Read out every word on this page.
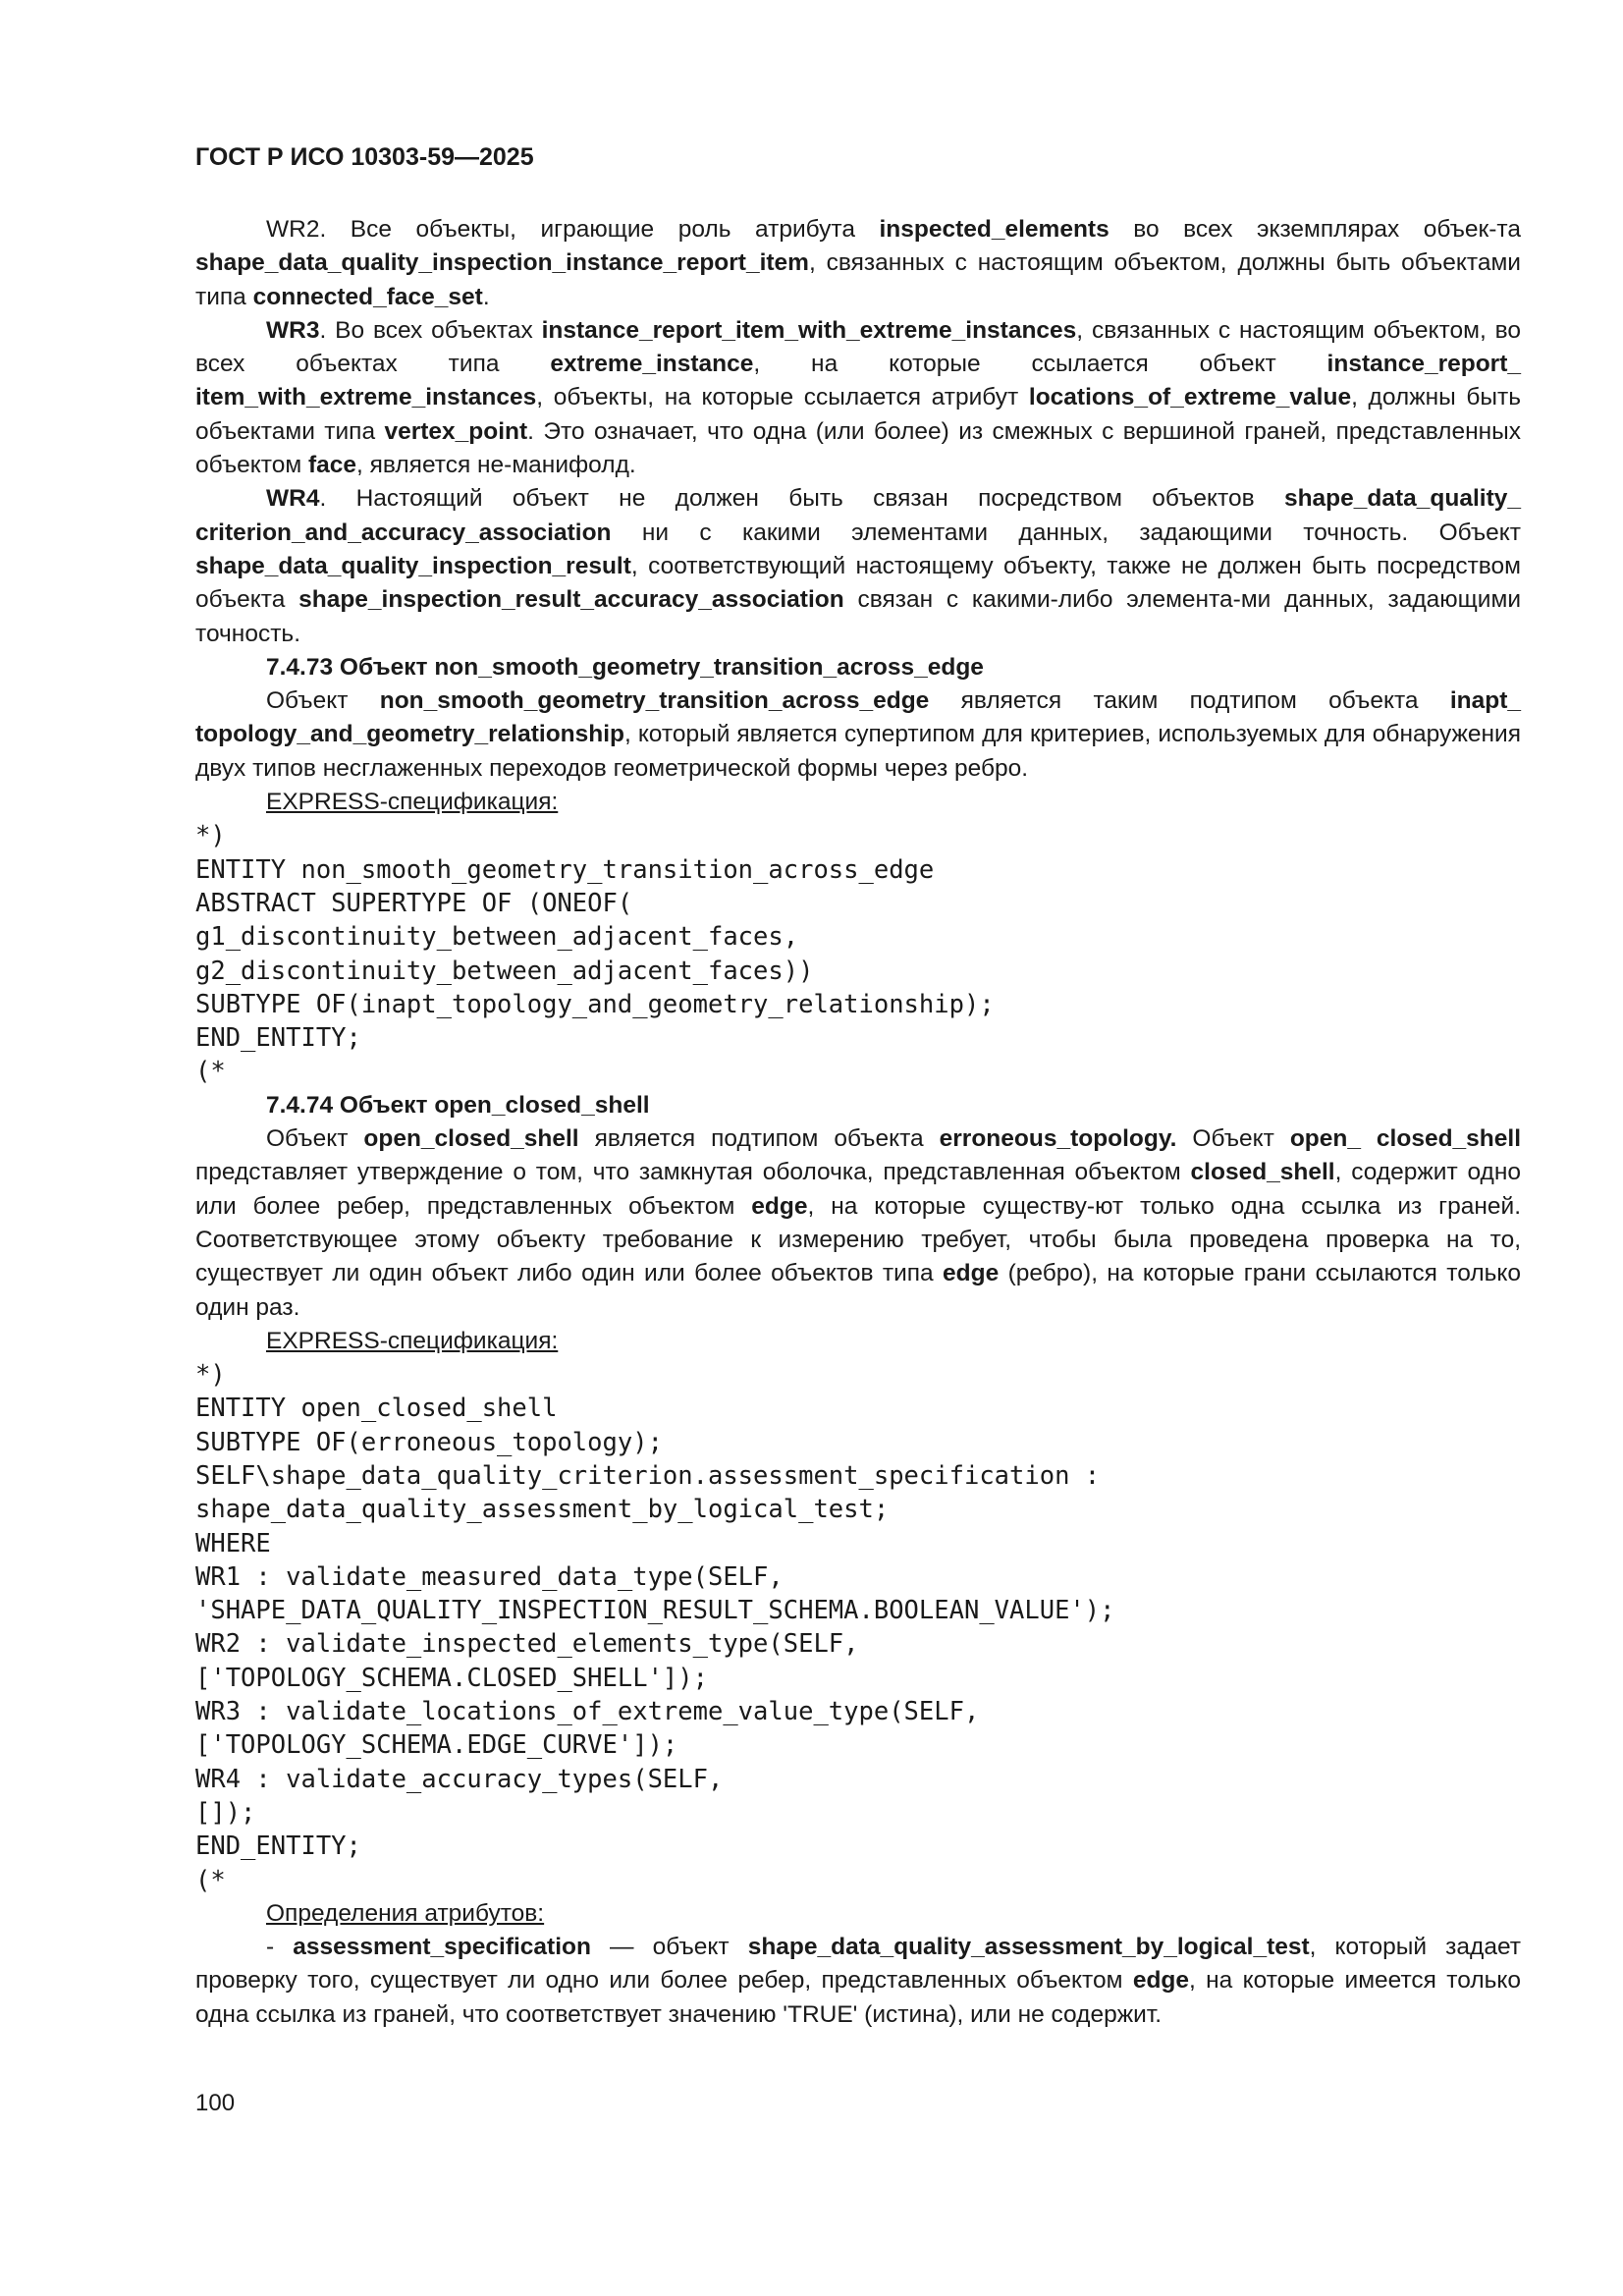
ГОСТ Р ИСО 10303-59—2025

WR2. Все объекты, играющие роль атрибута inspected_elements во всех экземплярах объек-та shape_data_quality_inspection_instance_report_item, связанных с настоящим объектом, должны быть объектами типа connected_face_set.

WR3. Во всех объектах instance_report_item_with_extreme_instances, связанных с настоящим объектом, во всех объектах типа extreme_instance, на которые ссылается объект instance_report_ item_with_extreme_instances, объекты, на которые ссылается атрибут locations_of_extreme_value, должны быть объектами типа vertex_point. Это означает, что одна (или более) из смежных с вершиной граней, представленных объектом face, является не-манифолд.

WR4. Настоящий объект не должен быть связан посредством объектов shape_data_quality_ criterion_and_accuracy_association ни с какими элементами данных, задающими точность. Объект shape_data_quality_inspection_result, соответствующий настоящему объекту, также не должен быть посредством объекта shape_inspection_result_accuracy_association связан с какими-либо элемента-ми данных, задающими точность.

7.4.73 Объект non_smooth_geometry_transition_across_edge

Объект non_smooth_geometry_transition_across_edge является таким подтипом объекта inapt_ topology_and_geometry_relationship, который является супертипом для критериев, используемых для обнаружения двух типов несглаженных переходов геометрической формы через ребро.

EXPRESS-спецификация:

*)
ENTITY non_smooth_geometry_transition_across_edge
ABSTRACT SUPERTYPE OF (ONEOF(
g1_discontinuity_between_adjacent_faces,
g2_discontinuity_between_adjacent_faces))
SUBTYPE OF(inapt_topology_and_geometry_relationship);
END_ENTITY;
(*

7.4.74 Объект open_closed_shell

Объект open_closed_shell является подтипом объекта erroneous_topology. Объект open_ closed_shell представляет утверждение о том, что замкнутая оболочка, представленная объектом closed_shell, содержит одно или более ребер, представленных объектом edge, на которые существу-ют только одна ссылка из граней. Соответствующее этому объекту требование к измерению требует, чтобы была проведена проверка на то, существует ли один объект либо один или более объектов типа edge (ребро), на которые грани ссылаются только один раз.

EXPRESS-спецификация:

*)
ENTITY open_closed_shell
SUBTYPE OF(erroneous_topology);
SELF\shape_data_quality_criterion.assessment_specification :
shape_data_quality_assessment_by_logical_test;
WHERE
WR1 : validate_measured_data_type(SELF,
'SHAPE_DATA_QUALITY_INSPECTION_RESULT_SCHEMA.BOOLEAN_VALUE');
WR2 : validate_inspected_elements_type(SELF,
['TOPOLOGY_SCHEMA.CLOSED_SHELL']);
WR3 : validate_locations_of_extreme_value_type(SELF,
['TOPOLOGY_SCHEMA.EDGE_CURVE']);
WR4 : validate_accuracy_types(SELF,
[]);
END_ENTITY;
(*

Определения атрибутов:

- assessment_specification — объект shape_data_quality_assessment_by_logical_test, который задает проверку того, существует ли одно или более ребер, представленных объектом edge, на которые имеется только одна ссылка из граней, что соответствует значению 'TRUE' (истина), или не содержит.

100
